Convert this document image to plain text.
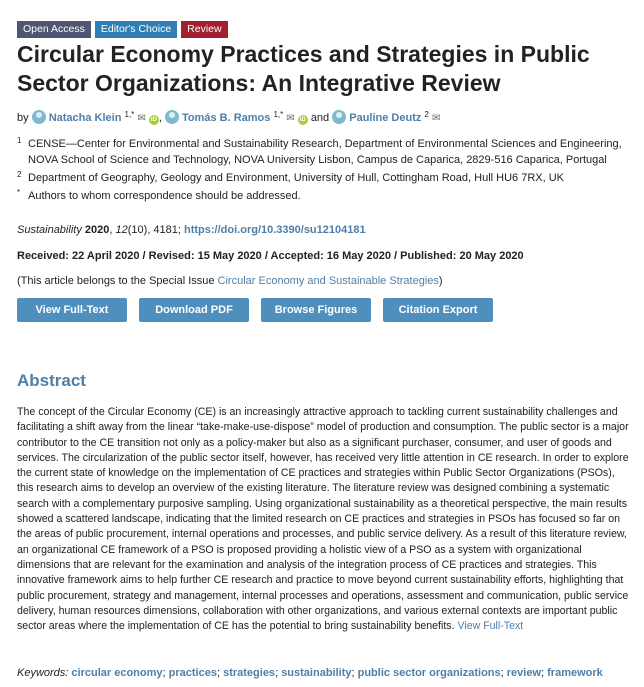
Open Access	Editor's Choice	Review
Circular Economy Practices and Strategies in Public Sector Organizations: An Integrative Review
by Natacha Klein $^{1,*}$ ✉ iD , Tomás B. Ramos $^{1,*}$ ✉ iD and Pauline Deutz $^2$ ✉
1 CENSE—Center for Environmental and Sustainability Research, Department of Environmental Sciences and Engineering, NOVA School of Science and Technology, NOVA University Lisbon, Campus de Caparica, 2829-516 Caparica, Portugal
2 Department of Geography, Geology and Environment, University of Hull, Cottingham Road, Hull HU6 7RX, UK
* Authors to whom correspondence should be addressed.
Sustainability 2020, 12(10), 4181; https://doi.org/10.3390/su12104181
Received: 22 April 2020 / Revised: 15 May 2020 / Accepted: 16 May 2020 / Published: 20 May 2020
(This article belongs to the Special Issue Circular Economy and Sustainable Strategies)
View Full-Text	Download PDF	Browse Figures	Citation Export
Abstract

The concept of the Circular Economy (CE) is an increasingly attractive approach to tackling current sustainability challenges and facilitating a shift away from the linear “take-make-use-dispose” model of production and consumption. The public sector is a major contributor to the CE transition not only as a policy-maker but also as a significant purchaser, consumer, and user of goods and services. The circularization of the public sector itself, however, has received very little attention in CE research. In order to explore the current state of knowledge on the implementation of CE practices and strategies within Public Sector Organizations (PSOs), this research aims to develop an overview of the existing literature. The literature review was designed combining a systematic search with a complementary purposive sampling. Using organizational sustainability as a theoretical perspective, the main results showed a scattered landscape, indicating that the limited research on CE practices and strategies in PSOs has focused so far on the areas of public procurement, internal operations and processes, and public service delivery. As a result of this literature review, an organizational CE framework of a PSO is proposed providing a holistic view of a PSO as a system with organizational dimensions that are relevant for the examination and analysis of the integration process of CE practices and strategies. This innovative framework aims to help further CE research and practice to move beyond current sustainability efforts, highlighting that public procurement, strategy and management, internal processes and operations, assessment and communication, public service delivery, human resources dimensions, collaboration with other organizations, and various external contexts are important public sector areas where the implementation of CE has the potential to bring sustainability benefits. View Full-Text

Keywords: circular economy; practices; strategies; sustainability; public sector organizations; review; framework
